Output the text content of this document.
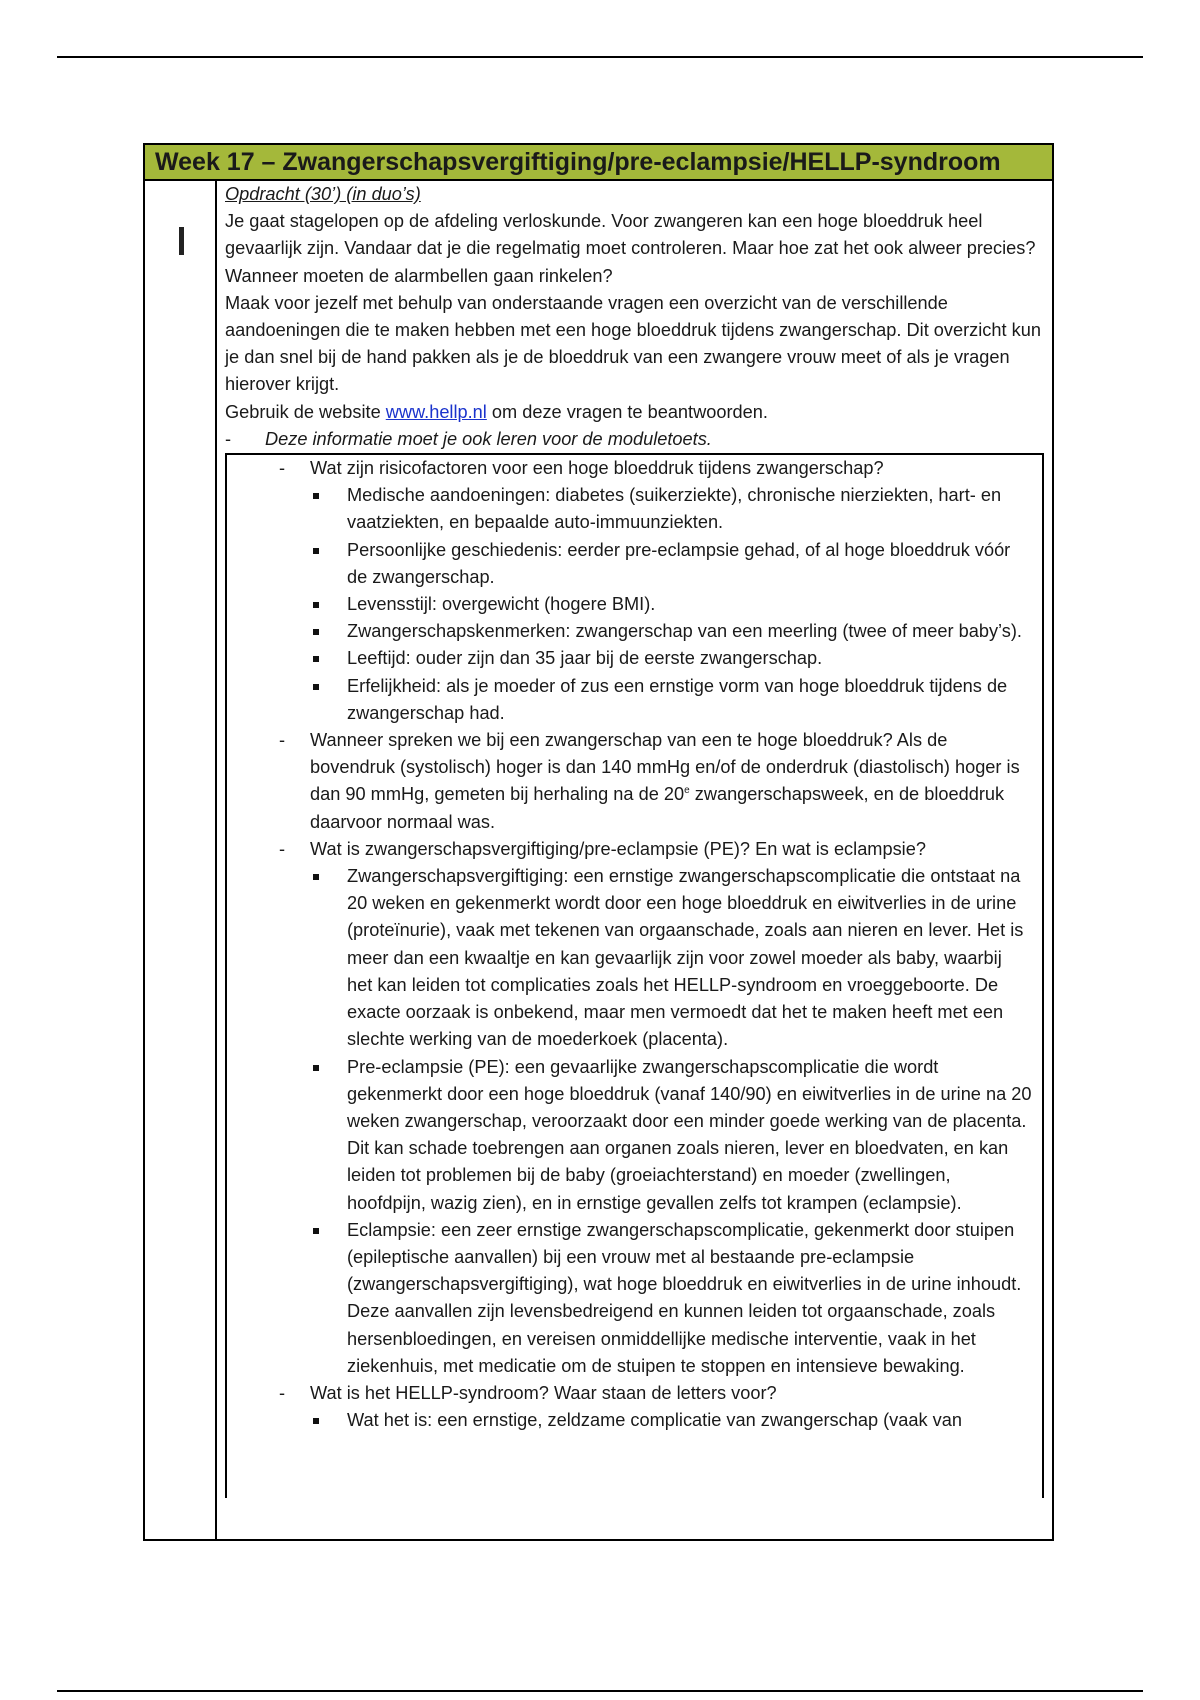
Week 17 – Zwangerschapsvergiftiging/pre-eclampsie/HELLP-syndroom

Opdracht (30’) (in duo’s)

Je gaat stagelopen op de afdeling verloskunde. Voor zwangeren kan een hoge bloeddruk heel gevaarlijk zijn. Vandaar dat je die regelmatig moet controleren. Maar hoe zat het ook alweer precies? Wanneer moeten de alarmbellen gaan rinkelen?

Maak voor jezelf met behulp van onderstaande vragen een overzicht van de verschillende aandoeningen die te maken hebben met een hoge bloeddruk tijdens zwangerschap. Dit overzicht kun je dan snel bij de hand pakken als je de bloeddruk van een zwangere vrouw meet of als je vragen hierover krijgt.

Gebruik de website www.hellp.nl om deze vragen te beantwoorden.

- Deze informatie moet je ook leren voor de moduletoets.

- Wat zijn risicofactoren voor een hoge bloeddruk tijdens zwangerschap?

Medische aandoeningen: diabetes (suikerziekte), chronische nierziekten, hart- en vaatziekten, en bepaalde auto-immuunziekten.

Persoonlijke geschiedenis: eerder pre-eclampsie gehad, of al hoge bloeddruk vóór de zwangerschap.

Levensstijl: overgewicht (hogere BMI).

Zwangerschapskenmerken: zwangerschap van een meerling (twee of meer baby’s).

Leeftijd: ouder zijn dan 35 jaar bij de eerste zwangerschap.

Erfelijkheid: als je moeder of zus een ernstige vorm van hoge bloeddruk tijdens de zwangerschap had.

- Wanneer spreken we bij een zwangerschap van een te hoge bloeddruk? Als de bovendruk (systolisch) hoger is dan 140 mmHg en/of de onderdruk (diastolisch) hoger is dan 90 mmHg, gemeten bij herhaling na de 20e zwangerschapsweek, en de bloeddruk daarvoor normaal was.

- Wat is zwangerschapsvergiftiging/pre-eclampsie (PE)? En wat is eclampsie?

Zwangerschapsvergiftiging: een ernstige zwangerschapscomplicatie die ontstaat na 20 weken en gekenmerkt wordt door een hoge bloeddruk en eiwitverlies in de urine (proteïnurie), vaak met tekenen van orgaanschade, zoals aan nieren en lever. Het is meer dan een kwaaltje en kan gevaarlijk zijn voor zowel moeder als baby, waarbij het kan leiden tot complicaties zoals het HELLP-syndroom en vroeggeboorte. De exacte oorzaak is onbekend, maar men vermoedt dat het te maken heeft met een slechte werking van de moederkoek (placenta).

Pre-eclampsie (PE): een gevaarlijke zwangerschapscomplicatie die wordt gekenmerkt door een hoge bloeddruk (vanaf 140/90) en eiwitverlies in de urine na 20 weken zwangerschap, veroorzaakt door een minder goede werking van de placenta. Dit kan schade toebrengen aan organen zoals nieren, lever en bloedvaten, en kan leiden tot problemen bij de baby (groeiachterstand) en moeder (zwellingen, hoofdpijn, wazig zien), en in ernstige gevallen zelfs tot krampen (eclampsie).

Eclampsie: een zeer ernstige zwangerschapscomplicatie, gekenmerkt door stuipen (epileptische aanvallen) bij een vrouw met al bestaande pre-eclampsie (zwangerschapsvergiftiging), wat hoge bloeddruk en eiwitverlies in de urine inhoudt. Deze aanvallen zijn levensbedreigend en kunnen leiden tot orgaanschade, zoals hersenbloedingen, en vereisen onmiddellijke medische interventie, vaak in het ziekenhuis, met medicatie om de stuipen te stoppen en intensieve bewaking.

- Wat is het HELLP-syndroom? Waar staan de letters voor?

Wat het is: een ernstige, zeldzame complicatie van zwangerschap (vaak van
